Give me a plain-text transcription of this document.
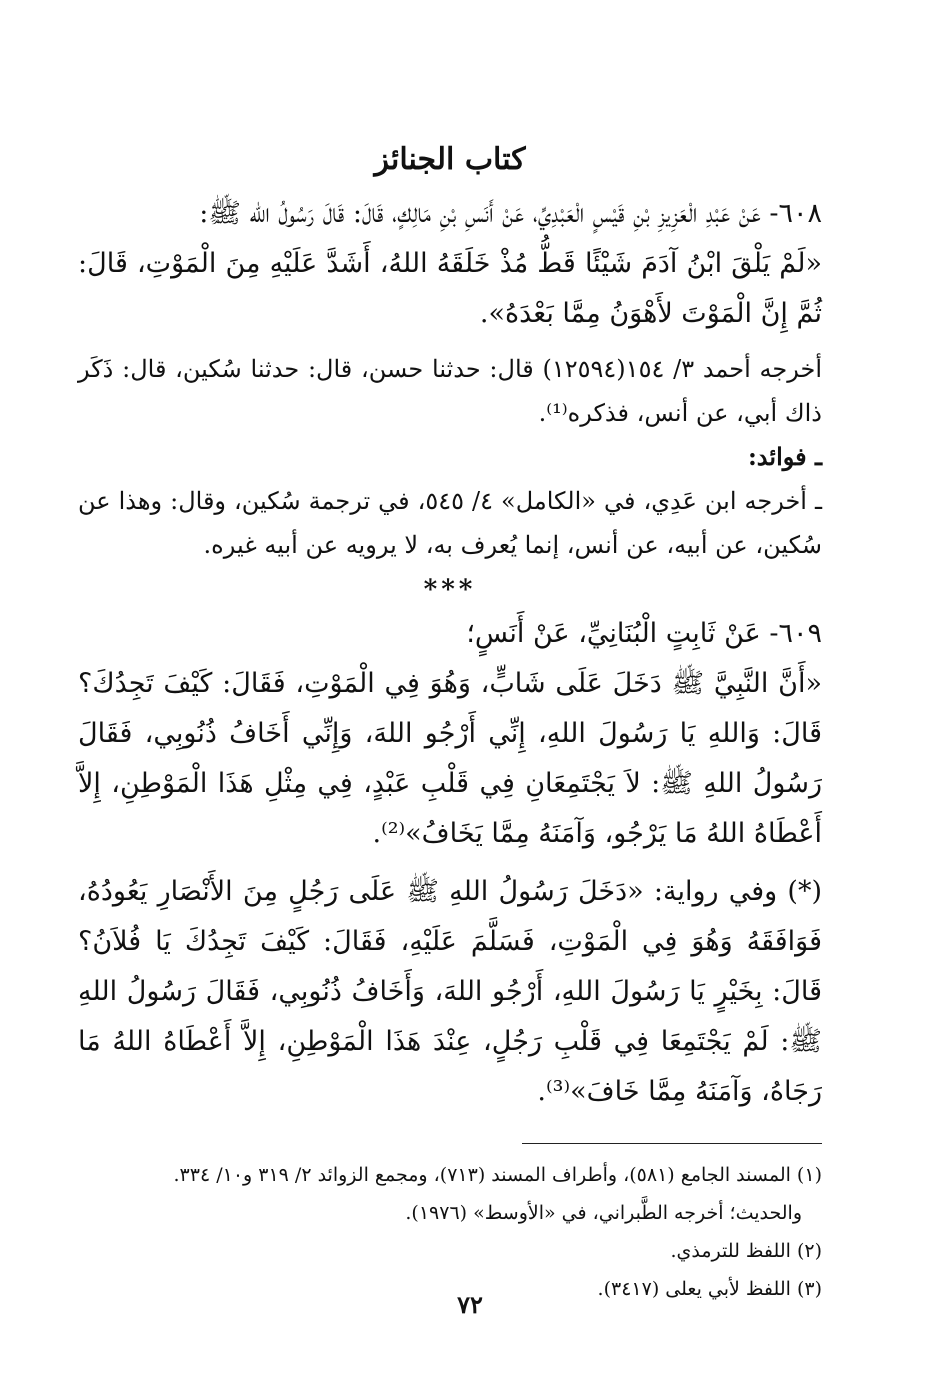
كتاب الجنائز

٦٠٨- عَنْ عَبْدِ الْعَزِيزِ بْنِ قَيْسٍ الْعَبْدِيِّ، عَنْ أَنَسِ بْنِ مَالِكٍ، قَالَ: قَالَ رَسُولُ الله ﷺ:

«لَمْ يَلْقَ ابْنُ آدَمَ شَيْئًا قَطُّ مُذْ خَلَقَهُ اللهُ، أَشَدَّ عَلَيْهِ مِنَ الْمَوْتِ، قَالَ: ثُمَّ إِنَّ الْمَوْتَ لأَهْوَنُ مِمَّا بَعْدَهُ».

أخرجه أحمد ٣/ ١٥٤(١٢٥٩٤) قال: حدثنا حسن، قال: حدثنا سُكين، قال: ذَكَر ذاك أبي، عن أنس، فذكره⁽¹⁾.

ـ فوائد:

ـ أخرجه ابن عَدِي، في «الكامل» ٤/ ٥٤٥، في ترجمة سُكين، وقال: وهذا عن سُكين، عن أبيه، عن أنس، إنما يُعرف به، لا يرويه عن أبيه غيره.

***

٦٠٩- عَنْ ثَابِتٍ الْبُنَانِيِّ، عَنْ أَنَسٍ؛

«أَنَّ النَّبِيَّ ﷺ دَخَلَ عَلَى شَابٍّ، وَهُوَ فِي الْمَوْتِ، فَقَالَ: كَيْفَ تَجِدُكَ؟ قَالَ: وَاللهِ يَا رَسُولَ اللهِ، إِنِّي أَرْجُو اللهَ، وَإِنِّي أَخَافُ ذُنُوبِي، فَقَالَ رَسُولُ اللهِ ﷺ: لاَ يَجْتَمِعَانِ فِي قَلْبِ عَبْدٍ، فِي مِثْلِ هَذَا الْمَوْطِنِ، إِلاَّ أَعْطَاهُ اللهُ مَا يَرْجُو، وَآمَنَهُ مِمَّا يَخَافُ»⁽²⁾.

(*) وفي رواية: «دَخَلَ رَسُولُ اللهِ ﷺ عَلَى رَجُلٍ مِنَ الأَنْصَارِ يَعُودُهُ، فَوَافَقَهُ وَهُوَ فِي الْمَوْتِ، فَسَلَّمَ عَلَيْهِ، فَقَالَ: كَيْفَ تَجِدُكَ يَا فُلاَنُ؟ قَالَ: بِخَيْرٍ يَا رَسُولَ اللهِ، أَرْجُو اللهَ، وَأَخَافُ ذُنُوبِي، فَقَالَ رَسُولُ اللهِ ﷺ: لَمْ يَجْتَمِعَا فِي قَلْبِ رَجُلٍ، عِنْدَ هَذَا الْمَوْطِنِ، إِلاَّ أَعْطَاهُ اللهُ مَا رَجَاهُ، وَآمَنَهُ مِمَّا خَافَ»⁽³⁾.

(١) المسند الجامع (٥٨١)، وأطراف المسند (٧١٣)، ومجمع الزوائد ٢/ ٣١٩ و١٠/ ٣٣٤.

والحديث؛ أخرجه الطَّبراني، في «الأوسط» (١٩٧٦).

(٢) اللفظ للترمذي.

(٣) اللفظ لأبي يعلى (٣٤١٧).

٧٢
